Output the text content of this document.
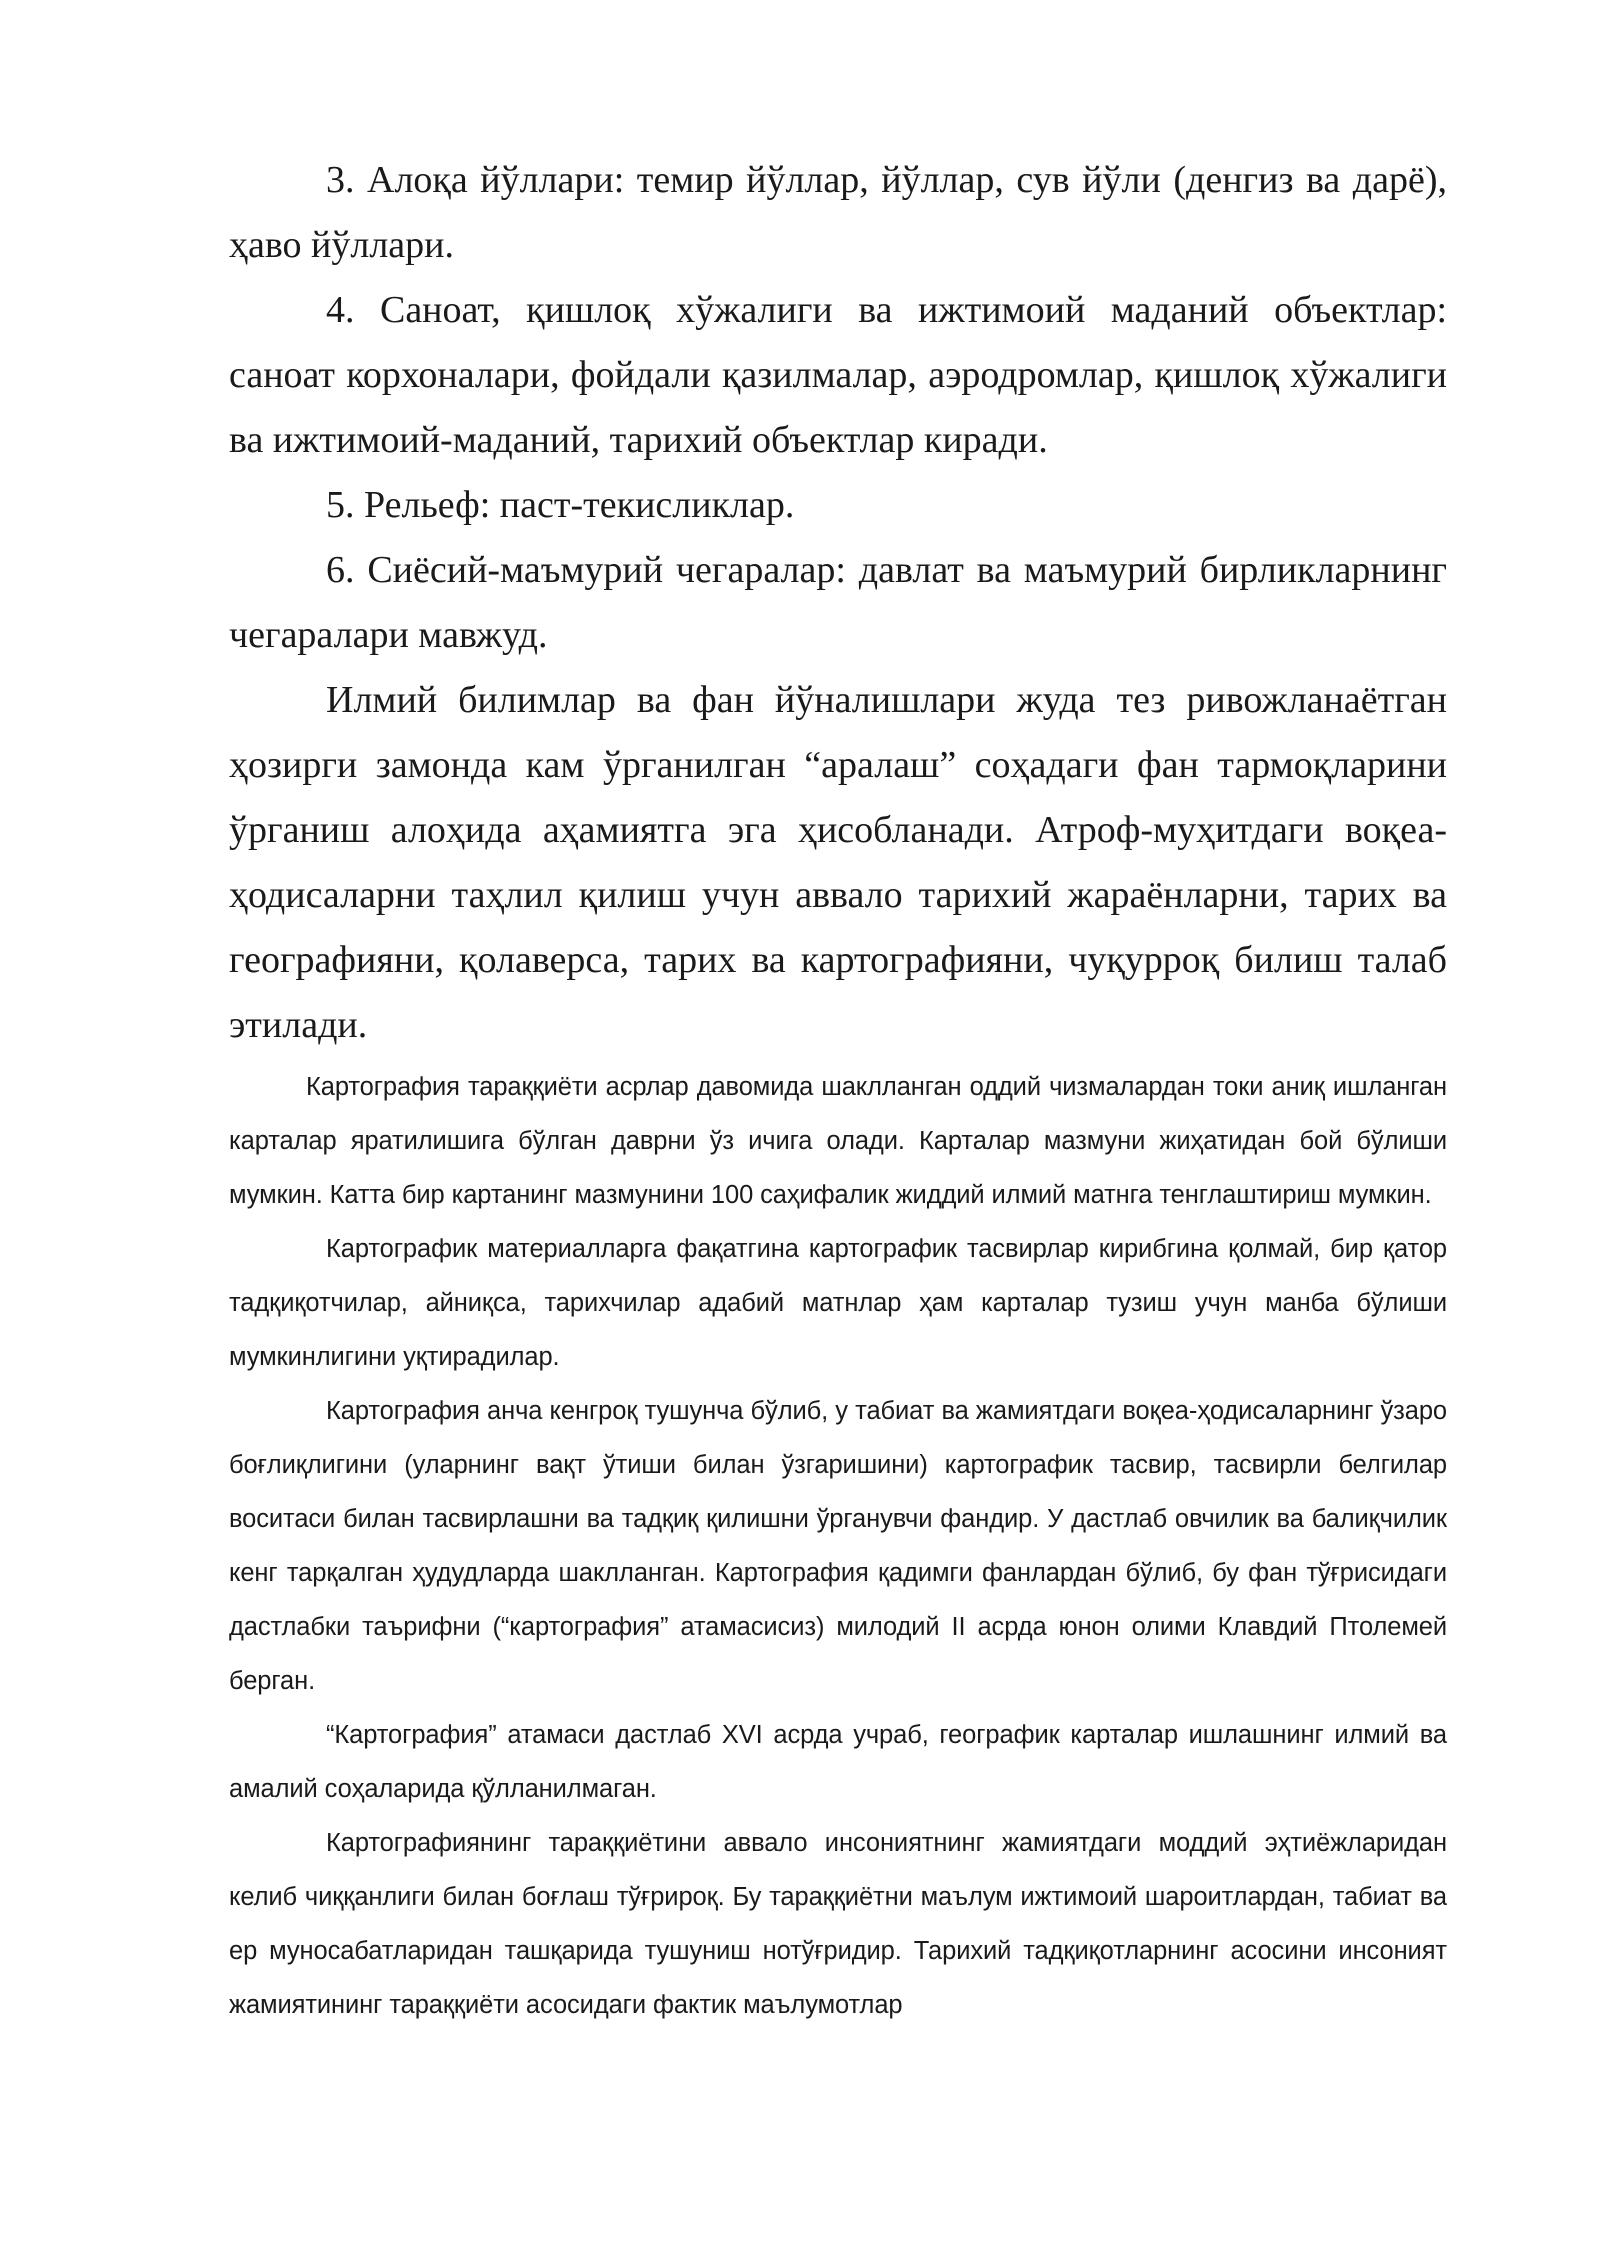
3. Алоқа йўллари: темир йўллар, йўллар, сув йўли (денгиз ва дарё), ҳаво йўллари.

4. Саноат, қишлоқ хўжалиги ва ижтимоий маданий объектлар: саноат корхоналари, фойдали қазилмалар, аэродромлар, қишлоқ хўжалиги ва ижтимоий-маданий, тарихий объектлар киради.

5. Рельеф: паст-текисликлар.

6. Сиёсий-маъмурий чегаралар: давлат ва маъмурий бирликларнинг чегаралари мавжуд.

Илмий билимлар ва фан йўналишлари жуда тез ривожланаётган ҳозирги замонда кам ўрганилган “аралаш” соҳадаги фан тармоқларини ўрганиш алоҳида аҳамиятга эга ҳисобланади. Атроф-муҳитдаги воқеа-ҳодисаларни таҳлил қилиш учун аввало тарихий жараёнларни, тарих ва географияни, қолаверса, тарих ва картографияни, чуқурроқ билиш талаб этилади.

Картография тараққиёти асрлар давомида шаклланган оддий чизмалардан токи аниқ ишланган карталар яратилишига бўлган даврни ўз ичига олади. Карталар мазмуни жиҳатидан бой бўлиши мумкин. Катта бир картанинг мазмунини 100 саҳифалик жиддий илмий матнга тенглаштириш мумкин.

Картографик материалларга фақатгина картографик тасвирлар кирибгина қолмай, бир қатор тадқиқотчилар, айниқса, тарихчилар адабий матнлар ҳам карталар тузиш учун манба бўлиши мумкинлигини уқтирадилар.

Картография анча кенгроқ тушунча бўлиб, у табиат ва жамиятдаги воқеа-ҳодисаларнинг ўзаро боғлиқлигини (уларнинг вақт ўтиши билан ўзгаришини) картографик тасвир, тасвирли белгилар воситаси билан тасвирлашни ва тадқиқ қилишни ўрганувчи фандир. У дастлаб овчилик ва балиқчилик кенг тарқалган ҳудудларда шаклланган. Картография қадимги фанлардан бўлиб, бу фан тўғрисидаги дастлабки таърифни (“картография” атамасисиз) милодий II асрда юнон олими Клавдий Птолемей берган.

“Картография” атамаси дастлаб XVI асрда учраб, географик карталар ишлашнинг илмий ва амалий соҳаларида қўлланилмаган.

Картографиянинг тараққиётини аввало инсониятнинг жамиятдаги моддий эҳтиёжларидан келиб чиққанлиги билан боғлаш тўғрироқ. Бу тараққиётни маълум ижтимоий шароитлардан, табиат ва ер муносабатларидан ташқарида тушуниш нотўғридир. Тарихий тадқиқотларнинг асосини инсоният жамиятининг тараққиёти асосидаги фактик маълумотлар
